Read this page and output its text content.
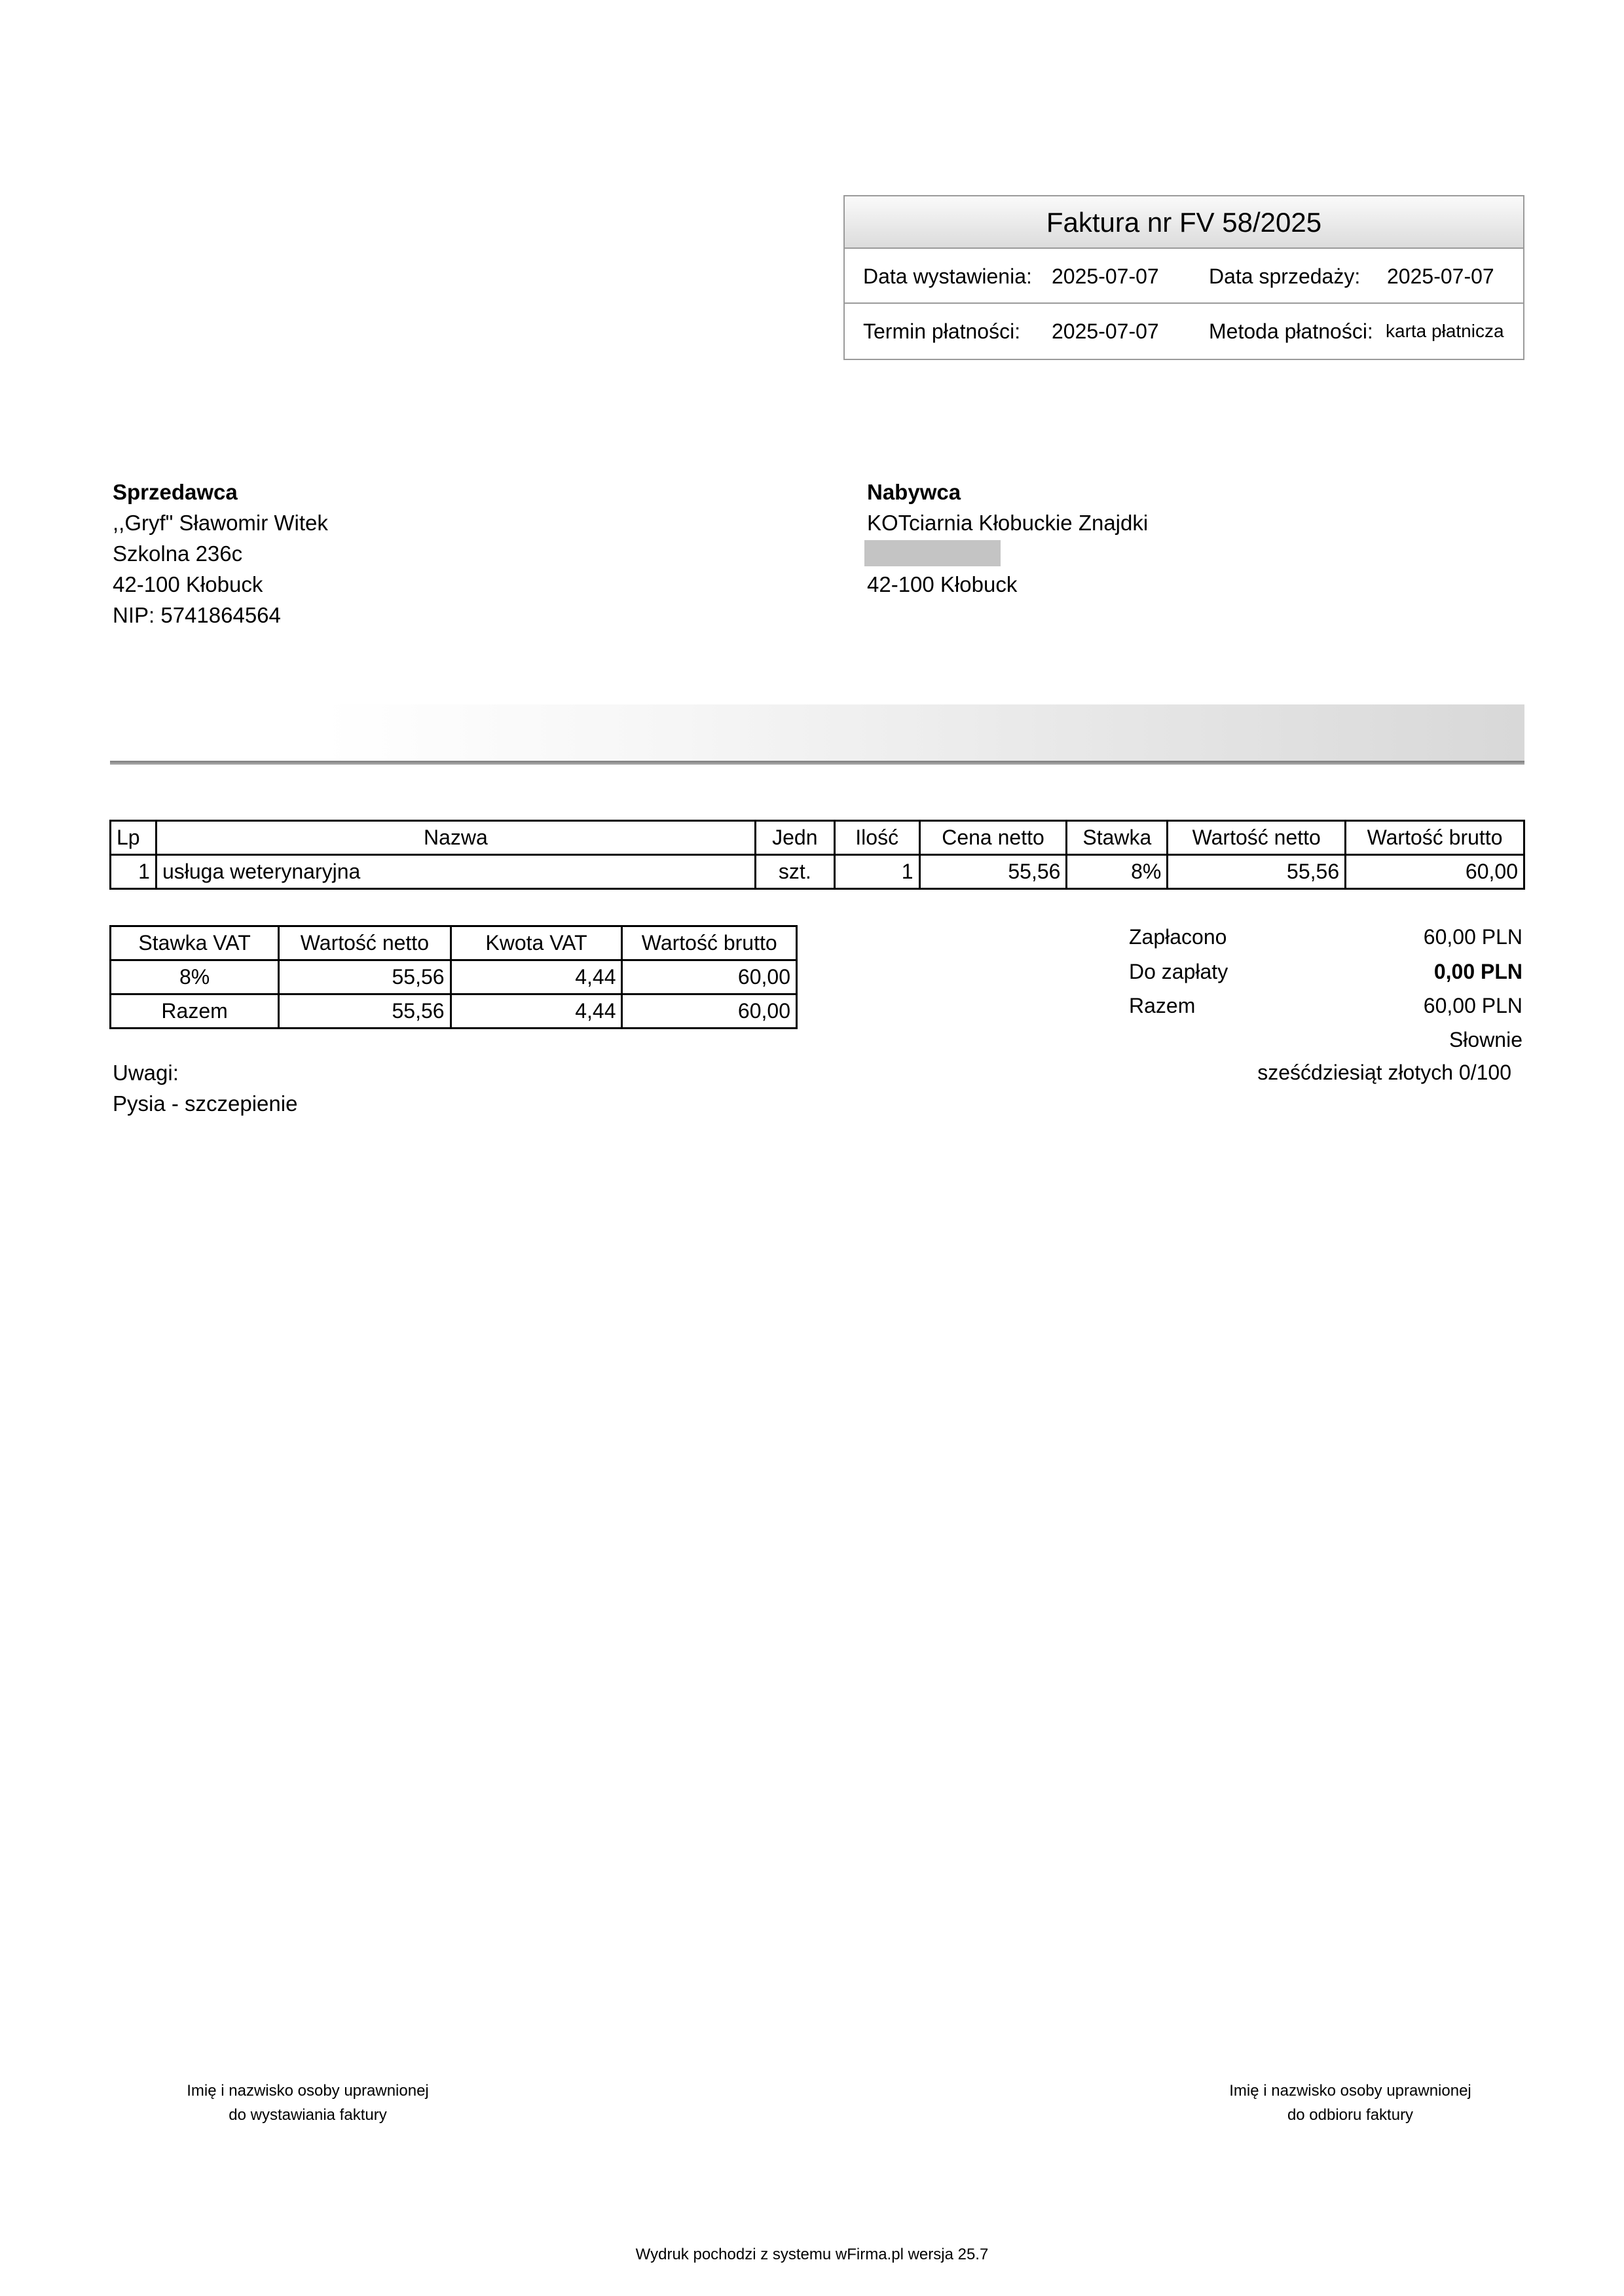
Faktura nr FV 58/2025
Data wystawienia: 2025-07-07 Data sprzedaży: 2025-07-07
Termin płatności: 2025-07-07 Metoda płatności: karta płatnicza
Sprzedawca
,,Gryf" Sławomir Witek
Szkolna 236c
42-100 Kłobuck
NIP: 5741864564
Nabywca
KOTciarnia Kłobuckie Znajdki
42-100 Kłobuck
Lp	Nazwa	Jedn	Ilość	Cena netto	Stawka	Wartość netto	Wartość brutto
1	usługa weterynaryjna	szt.	1	55,56	8%	55,56	60,00
Stawka VAT	Wartość netto	Kwota VAT	Wartość brutto
8%	55,56	4,44	60,00
Razem	55,56	4,44	60,00
Zapłacono	60,00 PLN
Do zapłaty	0,00 PLN
Razem	60,00 PLN
Słownie
sześćdziesiąt złotych 0/100
Uwagi:
Pysia - szczepienie
Imię i nazwisko osoby uprawnionej
do wystawiania faktury
Imię i nazwisko osoby uprawnionej
do odbioru faktury
Wydruk pochodzi z systemu wFirma.pl wersja 25.7
